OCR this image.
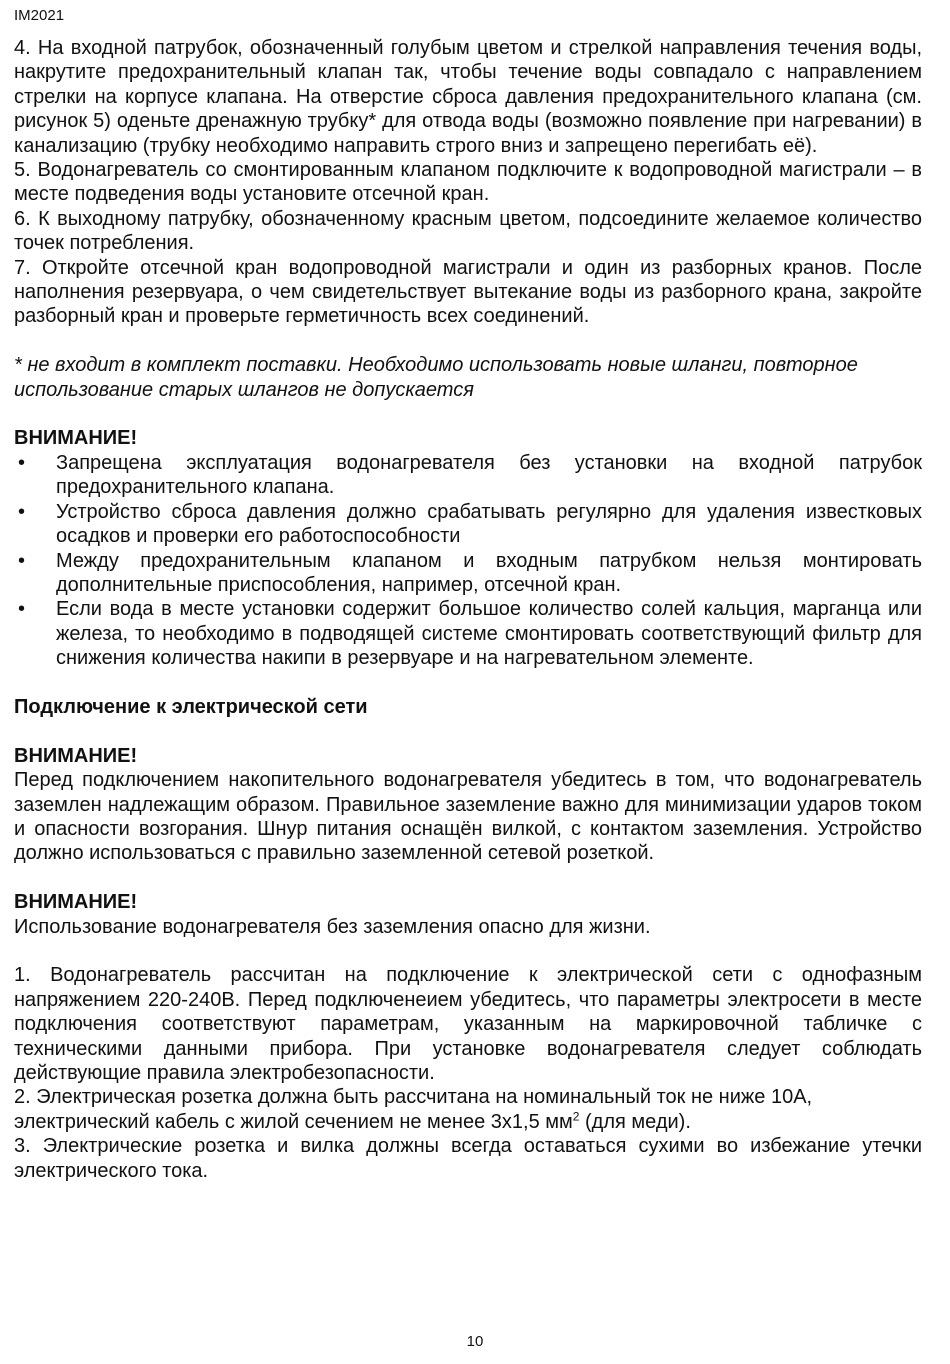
IM2021

4. На входной патрубок, обозначенный голубым цветом и стрелкой направления течения воды, накрутите предохранительный клапан так, чтобы течение воды совпадало с направлением стрелки на корпусе клапана. На отверстие сброса давления предохранительного клапана (см. рисунок 5) оденьте дренажную трубку* для отвода воды (возможно появление при нагревании) в канализацию (трубку необходимо направить строго вниз и запрещено перегибать её).

5. Водонагреватель со смонтированным клапаном подключите к водопроводной магистрали – в месте подведения воды установите отсечной кран.

6. К выходному патрубку, обозначенному красным цветом, подсоедините желаемое количество точек потребления.

7. Откройте отсечной кран водопроводной магистрали и один из разборных кранов. После наполнения резервуара, о чем свидетельствует вытекание воды из разборного крана, закройте разборный кран и проверьте герметичность всех соединений.

* не входит в комплект поставки. Необходимо использовать новые шланги, повторное использование старых шлангов не допускается

ВНИМАНИЕ!

• Запрещена эксплуатация водонагревателя без установки на входной патрубок предохранительного клапана.
• Устройство сброса давления должно срабатывать регулярно для удаления известковых осадков и проверки его работоспособности
• Между предохранительным клапаном и входным патрубком нельзя монтировать дополнительные приспособления, например, отсечной кран.
• Если вода в месте установки содержит большое количество солей кальция, марганца или железа, то необходимо в подводящей системе смонтировать соответствующий фильтр для снижения количества накипи в резервуаре и на нагревательном элементе.

Подключение к электрической сети

ВНИМАНИЕ!

Перед подключением накопительного водонагревателя убедитесь в том, что водонагреватель заземлен надлежащим образом. Правильное заземление важно для минимизации ударов током и опасности возгорания. Шнур питания оснащён вилкой, с контактом заземления. Устройство должно использоваться с правильно заземленной сетевой розеткой.

ВНИМАНИЕ!

Использование водонагревателя без заземления опасно для жизни.

1. Водонагреватель рассчитан на подключение к электрической сети с однофазным напряжением 220-240В. Перед подключенеием убедитесь, что параметры электросети в месте подключения соответствуют параметрам, указанным на маркировочной табличке с техническими данными прибора. При установке водонагревателя следует соблюдать действующие правила электробезопасности.

2. Электрическая розетка должна быть рассчитана на номинальный ток не ниже 10А, электрический кабель с жилой сечением не менее 3х1,5 $мм^2$ (для меди).

3. Электрические розетка и вилка должны всегда оставаться сухими во избежание утечки электрического тока.

10
